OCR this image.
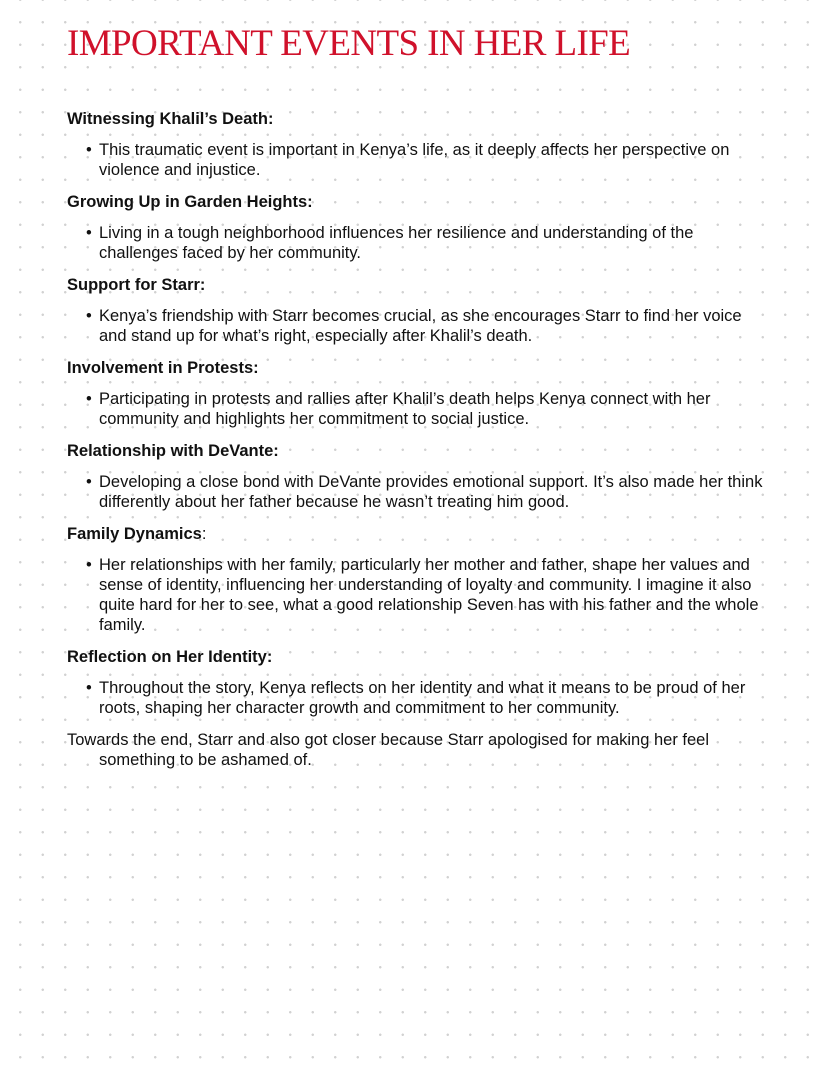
IMPORTANT EVENTS IN HER LIFE
Witnessing Khalil’s Death:
• This traumatic event is important in Kenya’s life, as it deeply affects her perspective on violence and injustice.
Growing Up in Garden Heights:
• Living in a tough neighborhood influences her resilience and understanding of the challenges faced by her community.
Support for Starr:
• Kenya’s friendship with Starr becomes crucial, as she encourages Starr to find her voice and stand up for what’s right, especially after Khalil’s death.
Involvement in Protests:
• Participating in protests and rallies after Khalil’s death helps Kenya connect with her community and highlights her commitment to social justice.
Relationship with DeVante:
• Developing a close bond with DeVante provides emotional support. It’s also made her think differently about her father because he wasn’t treating him good.
Family Dynamics:
• Her relationships with her family, particularly her mother and father, shape her values and sense of identity, influencing her understanding of loyalty and community. I imagine it also quite hard for her to see, what a good relationship Seven has with his father and the whole family.
Reflection on Her Identity:
• Throughout the story, Kenya reflects on her identity and what it means to be proud of her roots, shaping her character growth and commitment to her community.

Towards the end, Starr and also got closer because Starr apologised for making her feel something to be ashamed of.
